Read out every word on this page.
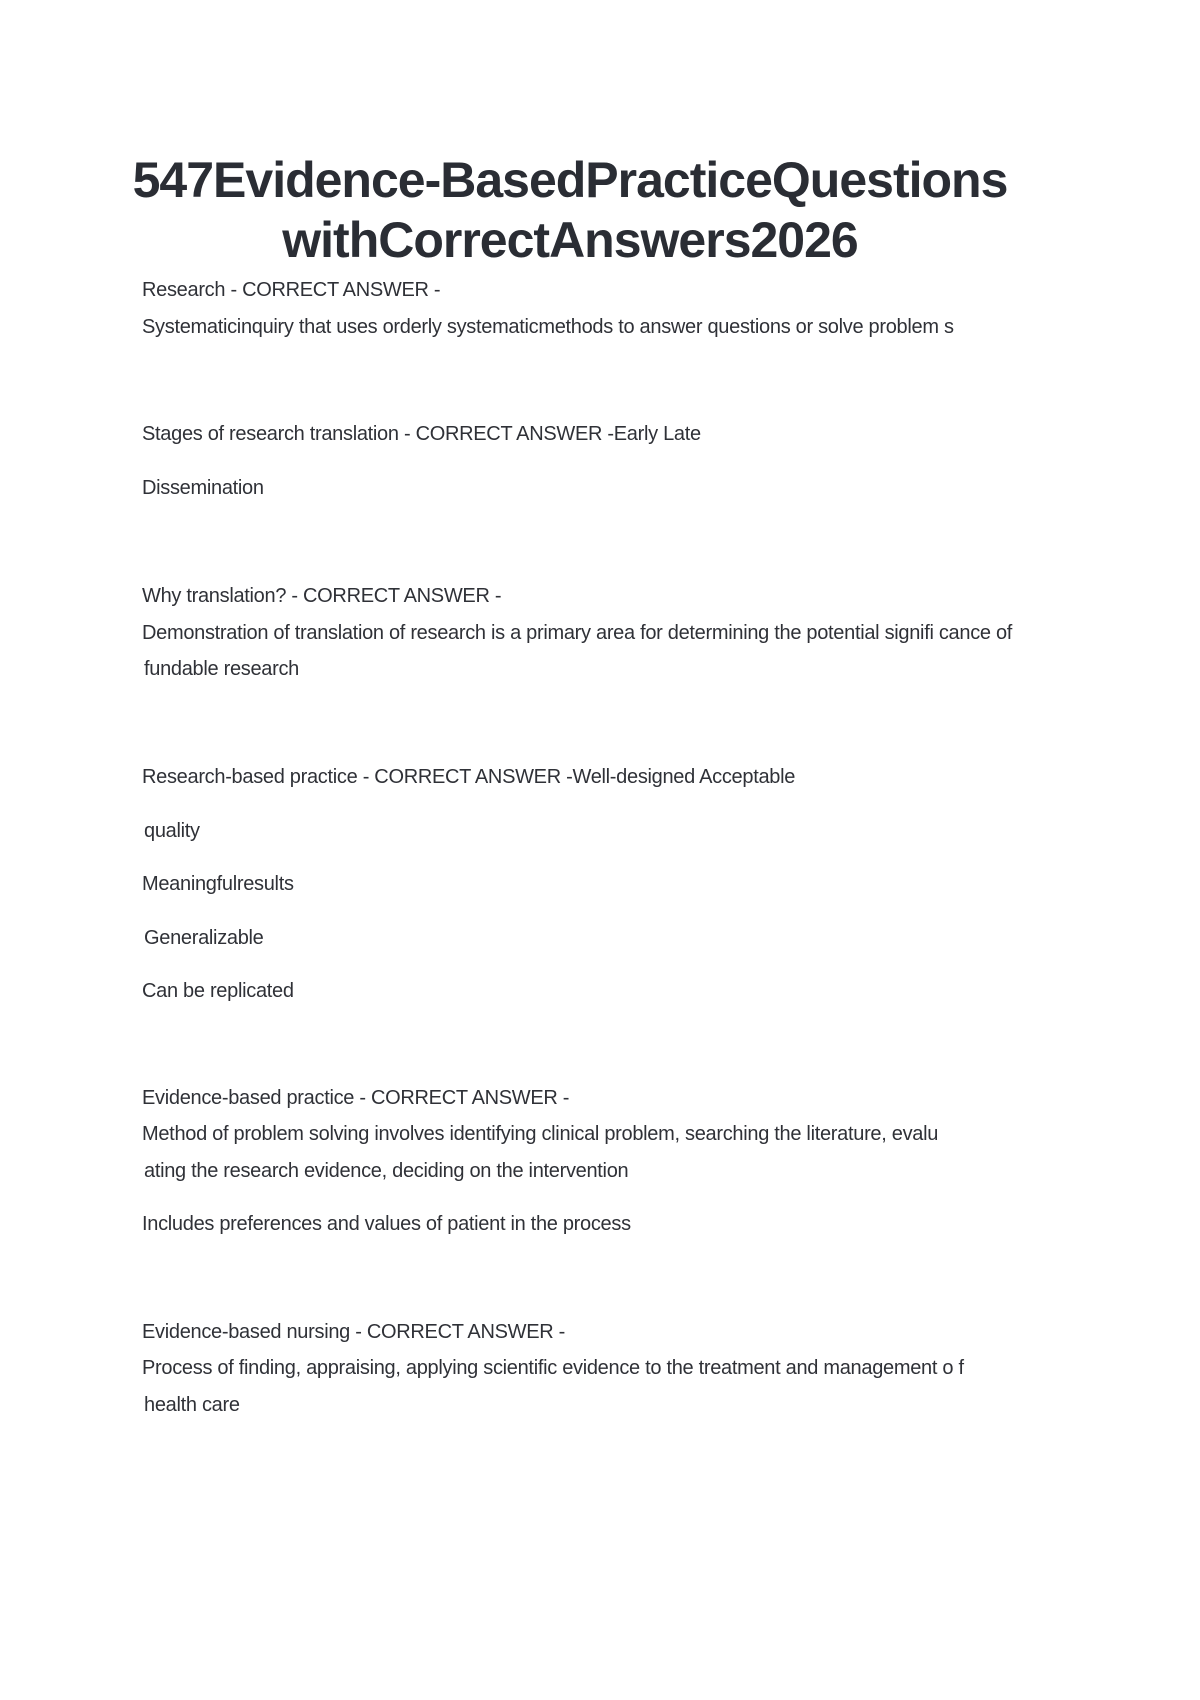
547Evidence-BasedPracticeQuestions
withCorrectAnswers2026

Research - CORRECT ANSWER -

Systematicinquiry that uses orderly systematicmethods to answer questions or solve problem s

Stages of research translation - CORRECT ANSWER -Early Late

Dissemination

Why translation? - CORRECT ANSWER -

Demonstration of translation of research is a primary area for determining the potential signifi cance of

fundable research

Research-based practice - CORRECT ANSWER -Well-designed Acceptable

quality

Meaningfulresults

Generalizable

Can be replicated

Evidence-based practice - CORRECT ANSWER -

Method of problem solving involves identifying clinical problem, searching the literature, evalu

ating the research evidence, deciding on the intervention

Includes preferences and values of patient in the process

Evidence-based nursing - CORRECT ANSWER -

Process of finding, appraising, applying scientific evidence to the treatment and management o f

health care
